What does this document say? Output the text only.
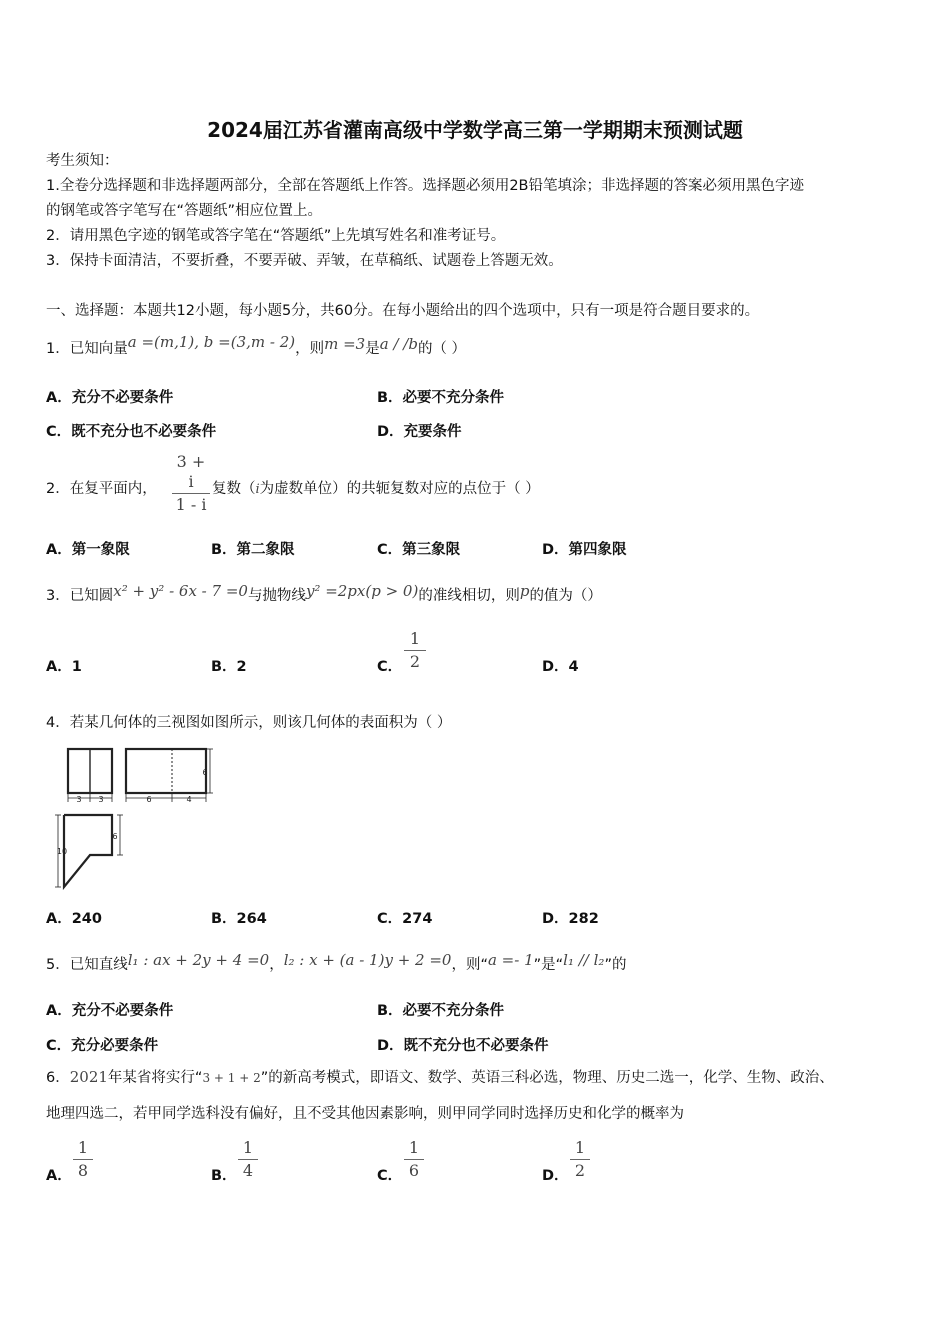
2024届江苏省灌南高级中学数学高三第一学期期末预测试题
考生须知：
1.全卷分选择题和非选择题两部分，全部在答题纸上作答。选择题必须用2B铅笔填涂；非选择题的答案必须用黑色字迹
的钢笔或答字笔写在“答题纸”相应位置上。
2．请用黑色字迹的钢笔或答字笔在“答题纸”上先填写姓名和准考证号。
3．保持卡面清洁，不要折叠，不要弄破、弄皱，在草稿纸、试题卷上答题无效。
一、选择题：本题共12小题，每小题5分，共60分。在每小题给出的四个选项中，只有一项是符合题目要求的。
1．已知向量a =(m,1), b =(3,m - 2)，则m =3是a / /b的（ ）
A．充分不必要条件	B．必要不充分条件
C．既不充分也不必要条件	D．充要条件
2．在复平面内，
3 + i
1 - i
复数（i为虚数单位）的共轭复数对应的点位于（ ）
A．第一象限	B．第二象限	C．第三象限	D．第四象限
3．已知圆x² + y² - 6x - 7 =0与抛物线y² =2px(p > 0)的准线相切，则p的值为（）
A．1	B．2	C．
1
2	D．4
4．若某几何体的三视图如图所示，则该几何体的表面积为（ ）
3 3	6	4
6
6
10
A．240	B．264	C．274	D．282
5．已知直线l₁ : ax + 2y + 4 =0，l₂ : x + (a - 1)y + 2 =0，则“a =- 1”是“l₁ // l₂”的
A．充分不必要条件	B．必要不充分条件
C．充分必要条件	D．既不充分也不必要条件
6．2021年某省将实行“3 + 1 + 2”的新高考模式，即语文、数学、英语三科必选，物理、历史二选一，化学、生物、政治、
地理四选二，若甲同学选科没有偏好，且不受其他因素影响，则甲同学同时选择历史和化学的概率为
A．
1
8	B．
1
4	C．
1
6	D．
1
2
